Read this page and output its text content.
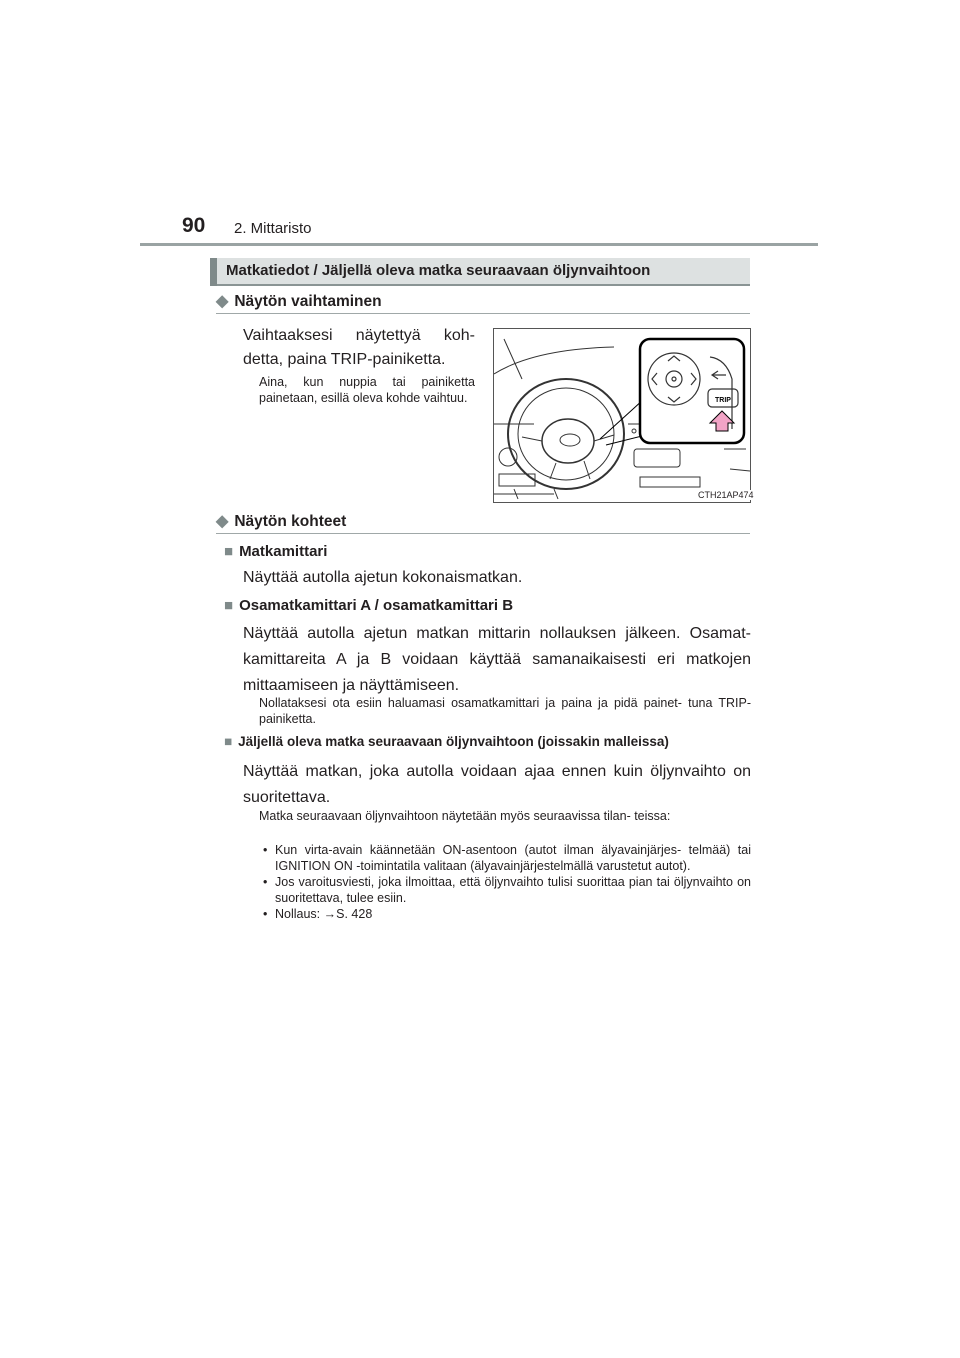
90 2. Mittaristo
Matkatiedot / Jäljellä oleva matka seuraavaan öljynvaihtoon
◆ Näytön vaihtaminen
Vaihtaaksesi näytettyä koh- detta, paina TRIP-painiketta.
Aina, kun nuppia tai painiketta painetaan, esillä oleva kohde vaihtuu.	TRIP
CTH21AP474
◆ Näytön kohteet
■ Matkamittari
Näyttää autolla ajetun kokonaismatkan.
■ Osamatkamittari A / osamatkamittari B
Näyttää autolla ajetun matkan mittarin nollauksen jälkeen. Osamat- kamittareita A ja B voidaan käyttää samanaikaisesti eri matkojen mittaamiseen ja näyttämiseen.
Nollataksesi ota esiin haluamasi osamatkamittari ja paina ja pidä painet- tuna TRIP-painiketta.
■ Jäljellä oleva matka seuraavaan öljynvaihtoon (joissakin malleissa)
Näyttää matkan, joka autolla voidaan ajaa ennen kuin öljynvaihto on suoritettava.
Matka seuraavaan öljynvaihtoon näytetään myös seuraavissa tilan- teissa:
• Kun virta-avain käännetään ON-asentoon (autot ilman älyavainjärjes- telmää) tai IGNITION ON -toimintatila valitaan (älyavainjärjestelmällä varustetut autot).
• Jos varoitusviesti, joka ilmoittaa, että öljynvaihto tulisi suorittaa pian tai öljynvaihto on suoritettava, tulee esiin.
• Nollaus: →S. 428
